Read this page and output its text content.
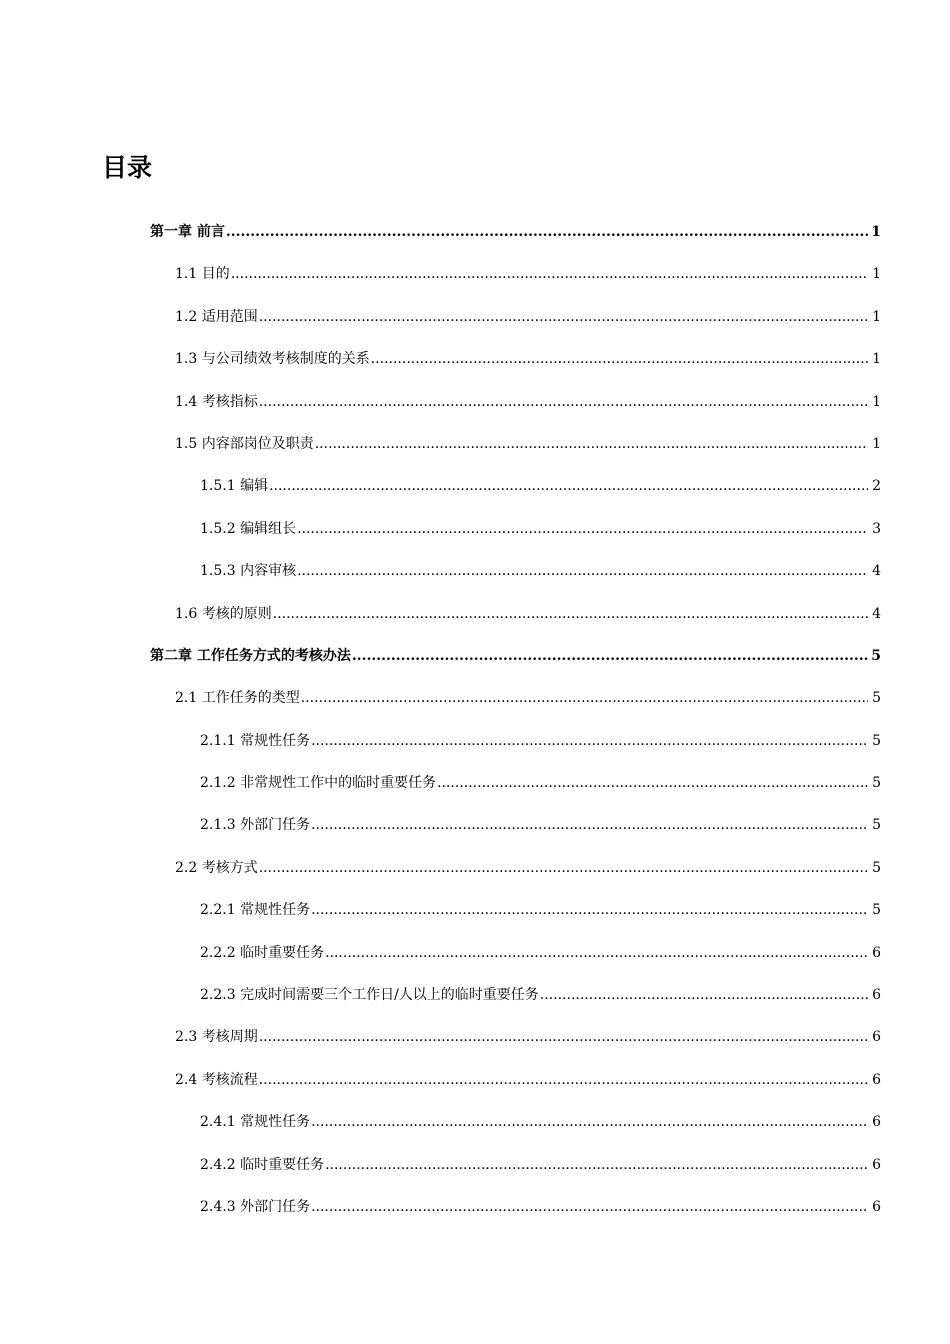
目录
第一章 前言 .....	1
1.1 目的 .....	1
1.2 适用范围 .....	1
1.3 与公司绩效考核制度的关系 .....	1
1.4 考核指标 .....	1
1.5 内容部岗位及职责 .....	1
1.5.1 编辑 .....	2
1.5.2 编辑组长 .....	3
1.5.3 内容审核 .....	4
1.6 考核的原则 .....	4
第二章 工作任务方式的考核办法 .....	5
2.1 工作任务的类型 .....	5
2.1.1 常规性任务 .....	5
2.1.2 非常规性工作中的临时重要任务 .....	5
2.1.3 外部门任务 .....	5
2.2 考核方式 .....	5
2.2.1 常规性任务 .....	5
2.2.2 临时重要任务 .....	6
2.2.3 完成时间需要三个工作日/人以上的临时重要任务 .....	6
2.3 考核周期 .....	6
2.4 考核流程 .....	6
2.4.1 常规性任务 .....	6
2.4.2 临时重要任务 .....	6
2.4.3 外部门任务 .....	6
